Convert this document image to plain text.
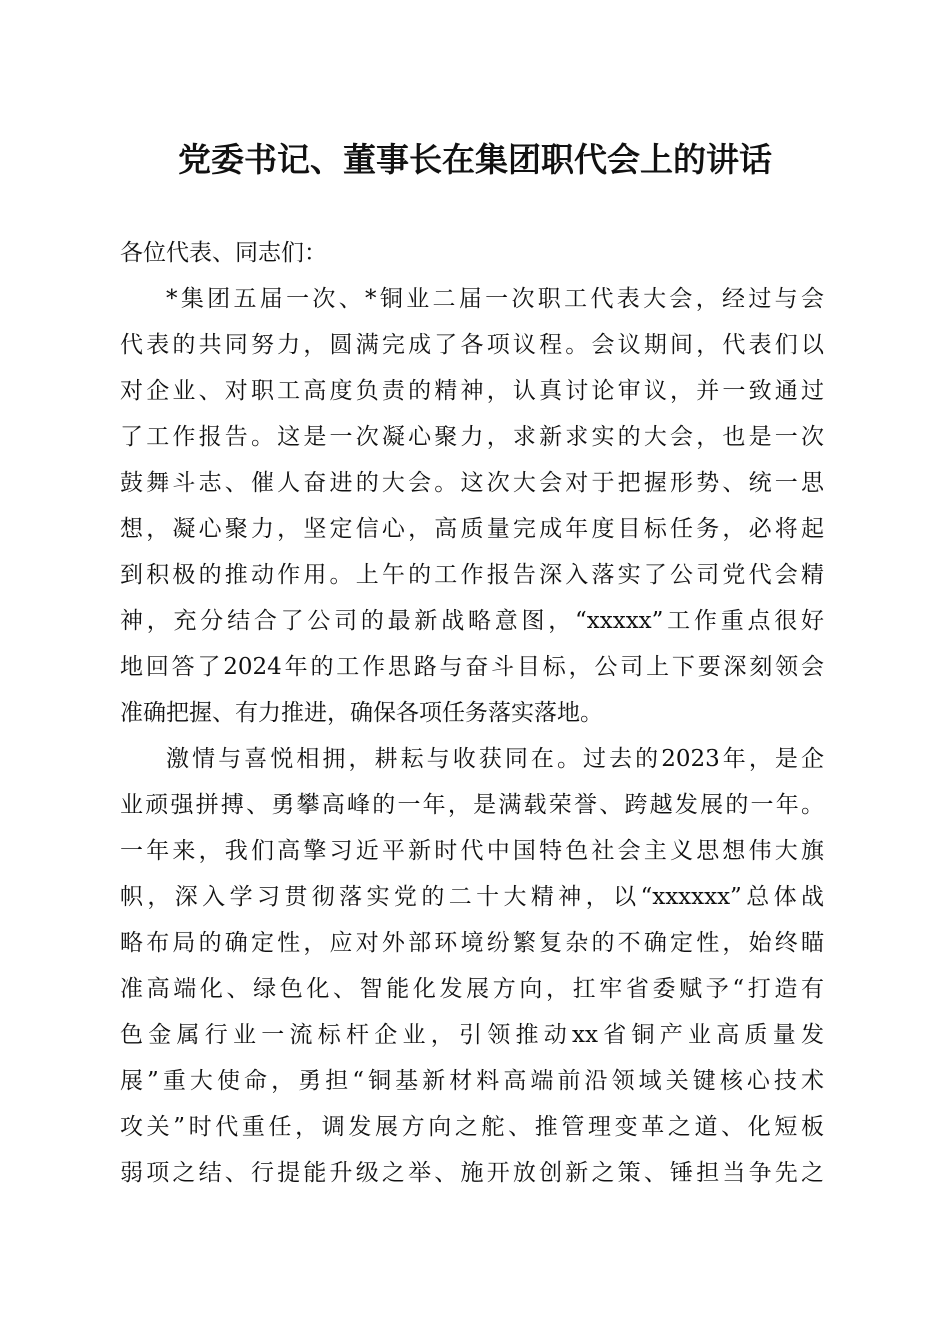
党委书记、董事长在集团职代会上的讲话
各位代表、同志们：
*集团五届一次、*铜业二届一次职工代表大会，经过与会
代表的共同努力，圆满完成了各项议程。会议期间，代表们以
对企业、对职工高度负责的精神，认真讨论审议，并一致通过
了工作报告。这是一次凝心聚力，求新求实的大会，也是一次
鼓舞斗志、催人奋进的大会。这次大会对于把握形势、统一思
想，凝心聚力，坚定信心，高质量完成年度目标任务，必将起
到积极的推动作用。上午的工作报告深入落实了公司党代会精
神，充分结合了公司的最新战略意图，“xxxxx”工作重点很好
地回答了2024年的工作思路与奋斗目标，公司上下要深刻领会
准确把握、有力推进，确保各项任务落实落地。
激情与喜悦相拥，耕耘与收获同在。过去的2023年，是企
业顽强拼搏、勇攀高峰的一年，是满载荣誉、跨越发展的一年。
一年来，我们高擎习近平新时代中国特色社会主义思想伟大旗
帜，深入学习贯彻落实党的二十大精神，以“xxxxxx”总体战
略布局的确定性，应对外部环境纷繁复杂的不确定性，始终瞄
准高端化、绿色化、智能化发展方向，扛牢省委赋予“打造有
色金属行业一流标杆企业，引领推动xx省铜产业高质量发
展”重大使命，勇担“铜基新材料高端前沿领域关键核心技术
攻关”时代重任，调发展方向之舵、推管理变革之道、化短板
弱项之结、行提能升级之举、施开放创新之策、锤担当争先之
